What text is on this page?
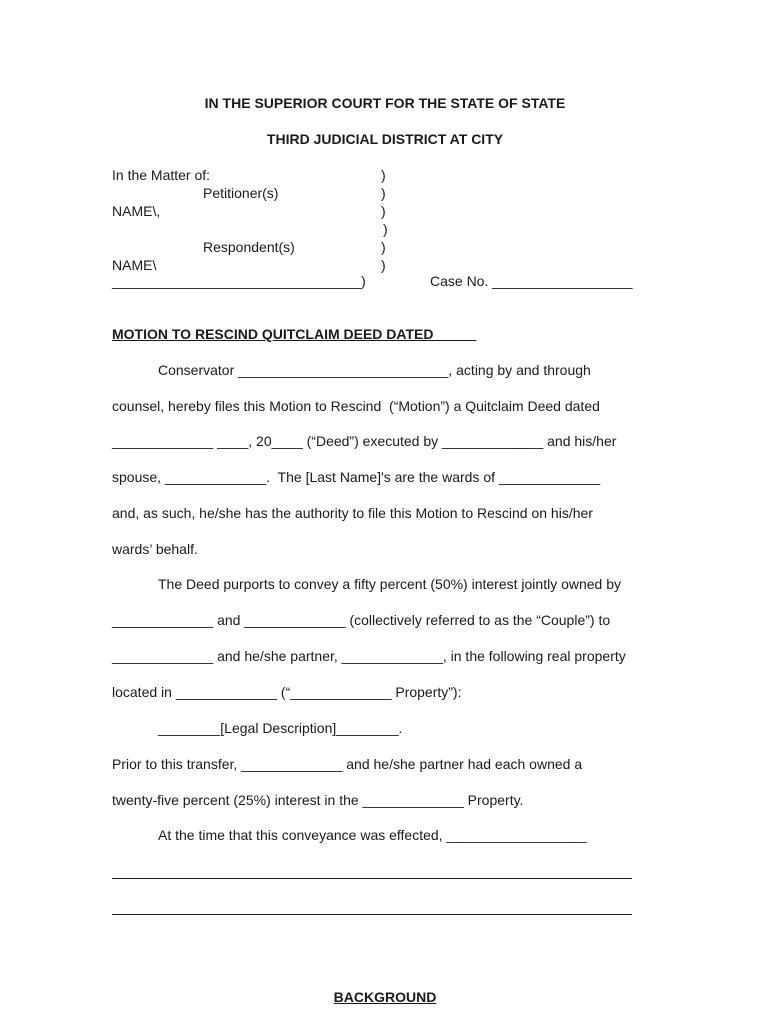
IN THE SUPERIOR COURT FOR THE STATE OF STATE
THIRD JUDICIAL DISTRICT AT CITY
In the Matter of:
Petitioner(s)
NAME\,
Respondent(s)
NAME\
________________________________)
)
)
)
)
)
)
Case No. __________________
MOTION TO RESCIND QUITCLAIM DEED DATED _____
Conservator ___________________________, acting by and through
counsel, hereby files this Motion to Rescind  (“Motion”) a Quitclaim Deed dated
_____________ ____, 20____ (“Deed”) executed by _____________ and his/her
spouse, _____________.  The [Last Name]'s are the wards of _____________
and, as such, he/she has the authority to file this Motion to Rescind on his/her
wards’ behalf.
The Deed purports to convey a fifty percent (50%) interest jointly owned by
_____________ and _____________ (collectively referred to as the “Couple”) to
_____________ and he/she partner, _____________, in the following real property
located in _____________ (“_____________ Property”):
________[Legal Description]________.
Prior to this transfer, _____________ and he/she partner had each owned a
twenty-five percent (25%) interest in the _____________ Property.
At the time that this conveyance was effected, __________________
BACKGROUND
